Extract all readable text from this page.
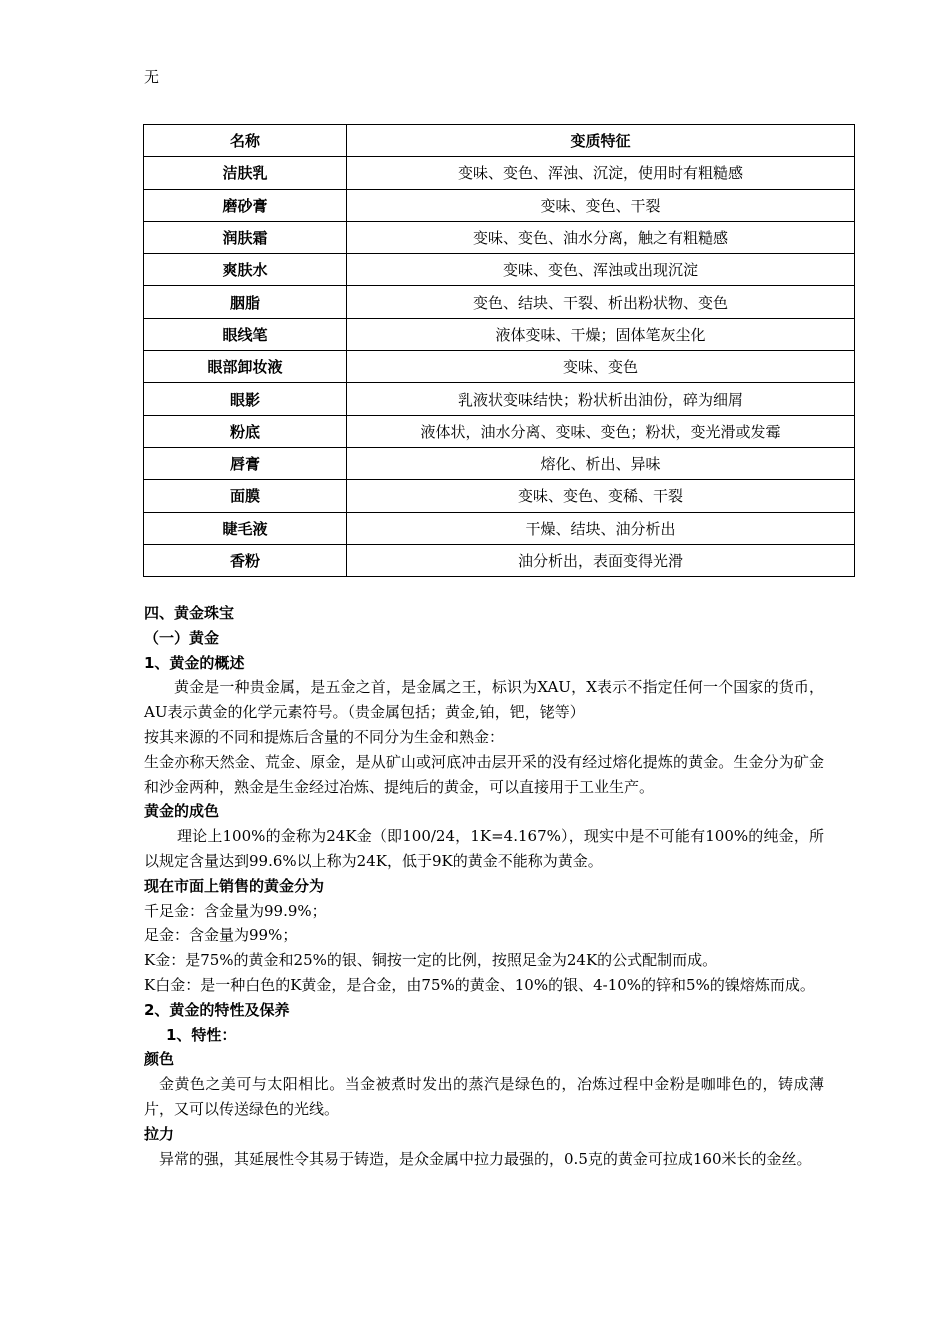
无
名称	变质特征
洁肤乳	变味、变色、浑浊、沉淀，使用时有粗糙感
磨砂膏	变味、变色、干裂
润肤霜	变味、变色、油水分离，触之有粗糙感
爽肤水	变味、变色、浑浊或出现沉淀
胭脂	变色、结块、干裂、析出粉状物、变色
眼线笔	液体变味、干燥；固体笔灰尘化
眼部卸妆液	变味、变色
眼影	乳液状变味结快；粉状析出油份，碎为细屑
粉底	液体状，油水分离、变味、变色；粉状，变光滑或发霉
唇膏	熔化、析出、异味
面膜	变味、变色、变稀、干裂
睫毛液	干燥、结块、油分析出
香粉	油分析出，表面变得光滑

四、黄金珠宝

（一）黄金

1、黄金的概述

黄金是一种贵金属，是五金之首，是金属之王，标识为XAU，X表示不指定任何一个国家的货币，AU表示黄金的化学元素符号。（贵金属包括；黄金,铂，钯，铑等）

按其来源的不同和提炼后含量的不同分为生金和熟金：

生金亦称天然金、荒金、原金，是从矿山或河底冲击层开采的没有经过熔化提炼的黄金。生金分为矿金和沙金两种，熟金是生金经过冶炼、提纯后的黄金，可以直接用于工业生产。

黄金的成色

理论上100%的金称为24K金（即100/24，1K=4.167%），现实中是不可能有100%的纯金，所以规定含量达到99.6%以上称为24K，低于9K的黄金不能称为黄金。

现在市面上销售的黄金分为

千足金：含金量为99.9%；

足金：含金量为99%；

K金：是75%的黄金和25%的银、铜按一定的比例，按照足金为24K的公式配制而成。

K白金：是一种白色的K黄金，是合金，由75%的黄金、10%的银、4-10%的锌和5%的镍熔炼而成。

2、黄金的特性及保养

1、特性：

颜色

金黄色之美可与太阳相比。当金被煮时发出的蒸汽是绿色的，冶炼过程中金粉是咖啡色的，铸成薄片，又可以传送绿色的光线。

拉力

异常的强，其延展性令其易于铸造，是众金属中拉力最强的，0.5克的黄金可拉成160米长的金丝。
